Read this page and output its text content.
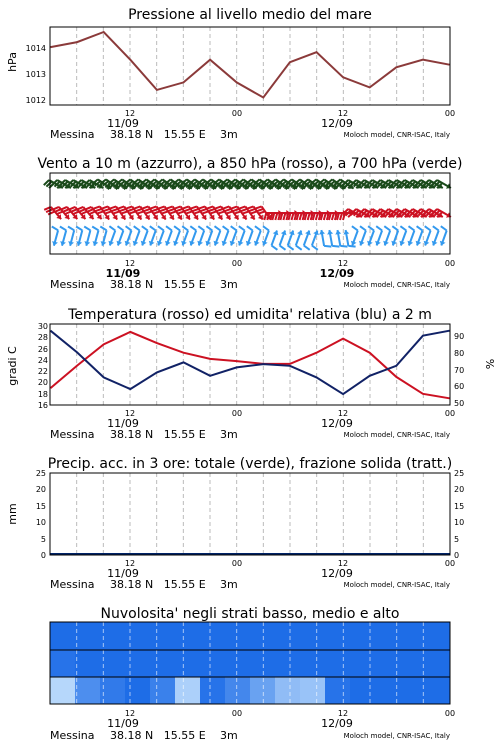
Pressione al livello medio del mare
hPa
1012
1013
1014
12	00	12	00
11/09	12/09
Messina 38.18 N   15.55 E 3m	Moloch model, CNR-ISAC, Italy
Vento a 10 m (azzurro), a 850 hPa (rosso), a 700 hPa (verde)
12	00	12	00
11/09	12/09
Messina 38.18 N   15.55 E 3m	Moloch model, CNR-ISAC, Italy
Temperatura (rosso) ed umidita' relativa (blu) a 2 m
gradi C	%
16
18
20
22
24
26
28
30
50
60
70
80
90
12	00	12	00
11/09	12/09
Messina 38.18 N   15.55 E 3m	Moloch model, CNR-ISAC, Italy
Precip. acc. in 3 ore: totale (verde), frazione solida (tratt.)
mm
0
5
10
15
20
25
0
5
10
15
20
25
12	00	12	00
11/09	12/09
Messina 38.18 N   15.55 E 3m	Moloch model, CNR-ISAC, Italy
Nuvolosita' negli strati basso, medio e alto
12	00	12	00
11/09	12/09
Messina 38.18 N   15.55 E 3m	Moloch model, CNR-ISAC, Italy
